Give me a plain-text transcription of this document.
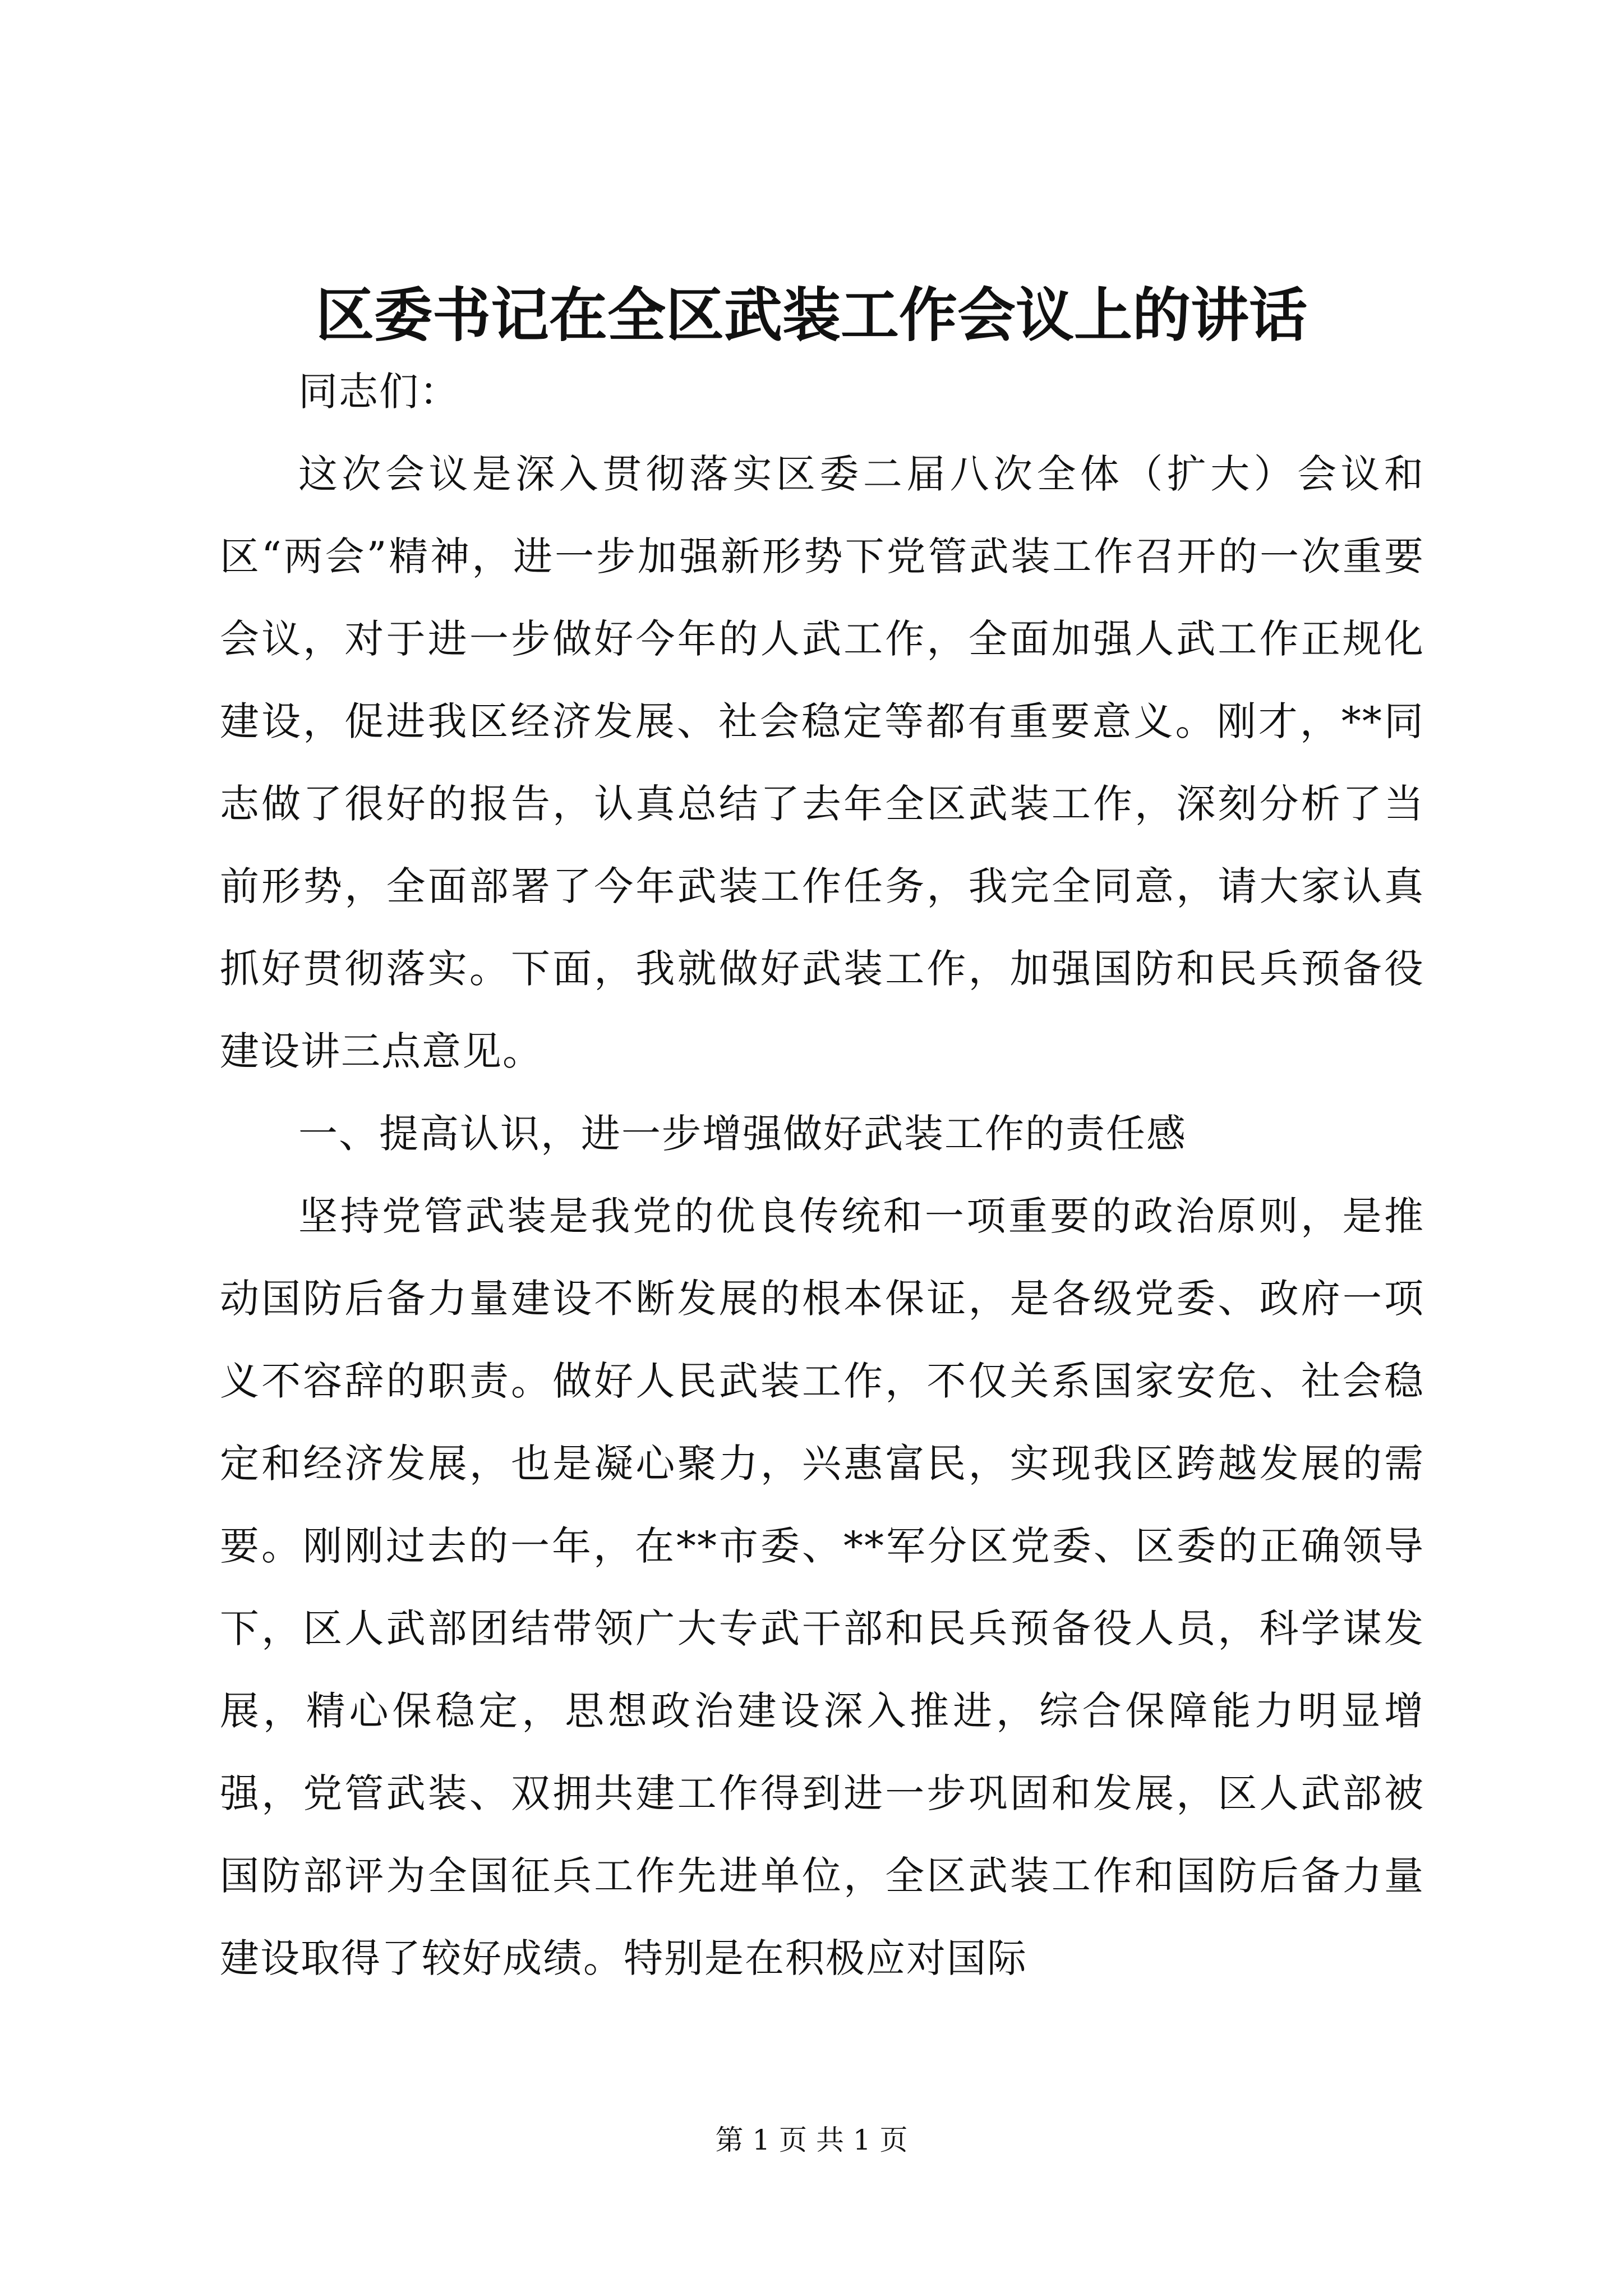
区委书记在全区武装工作会议上的讲话

同志们：

这次会议是深入贯彻落实区委二届八次全体（扩大）会议和区“两会”精神，进一步加强新形势下党管武装工作召开的一次重要会议，对于进一步做好今年的人武工作，全面加强人武工作正规化建设，促进我区经济发展、社会稳定等都有重要意义。刚才，**同志做了很好的报告，认真总结了去年全区武装工作，深刻分析了当前形势，全面部署了今年武装工作任务，我完全同意，请大家认真抓好贯彻落实。下面，我就做好武装工作，加强国防和民兵预备役建设讲三点意见。

一、提高认识，进一步增强做好武装工作的责任感

坚持党管武装是我党的优良传统和一项重要的政治原则，是推动国防后备力量建设不断发展的根本保证，是各级党委、政府一项义不容辞的职责。做好人民武装工作，不仅关系国家安危、社会稳定和经济发展，也是凝心聚力，兴惠富民，实现我区跨越发展的需要。刚刚过去的一年，在**市委、**军分区党委、区委的正确领导下，区人武部团结带领广大专武干部和民兵预备役人员，科学谋发展，精心保稳定，思想政治建设深入推进，综合保障能力明显增强，党管武装、双拥共建工作得到进一步巩固和发展，区人武部被国防部评为全国征兵工作先进单位，全区武装工作和国防后备力量建设取得了较好成绩。特别是在积极应对国际

第 1 页 共 1 页
